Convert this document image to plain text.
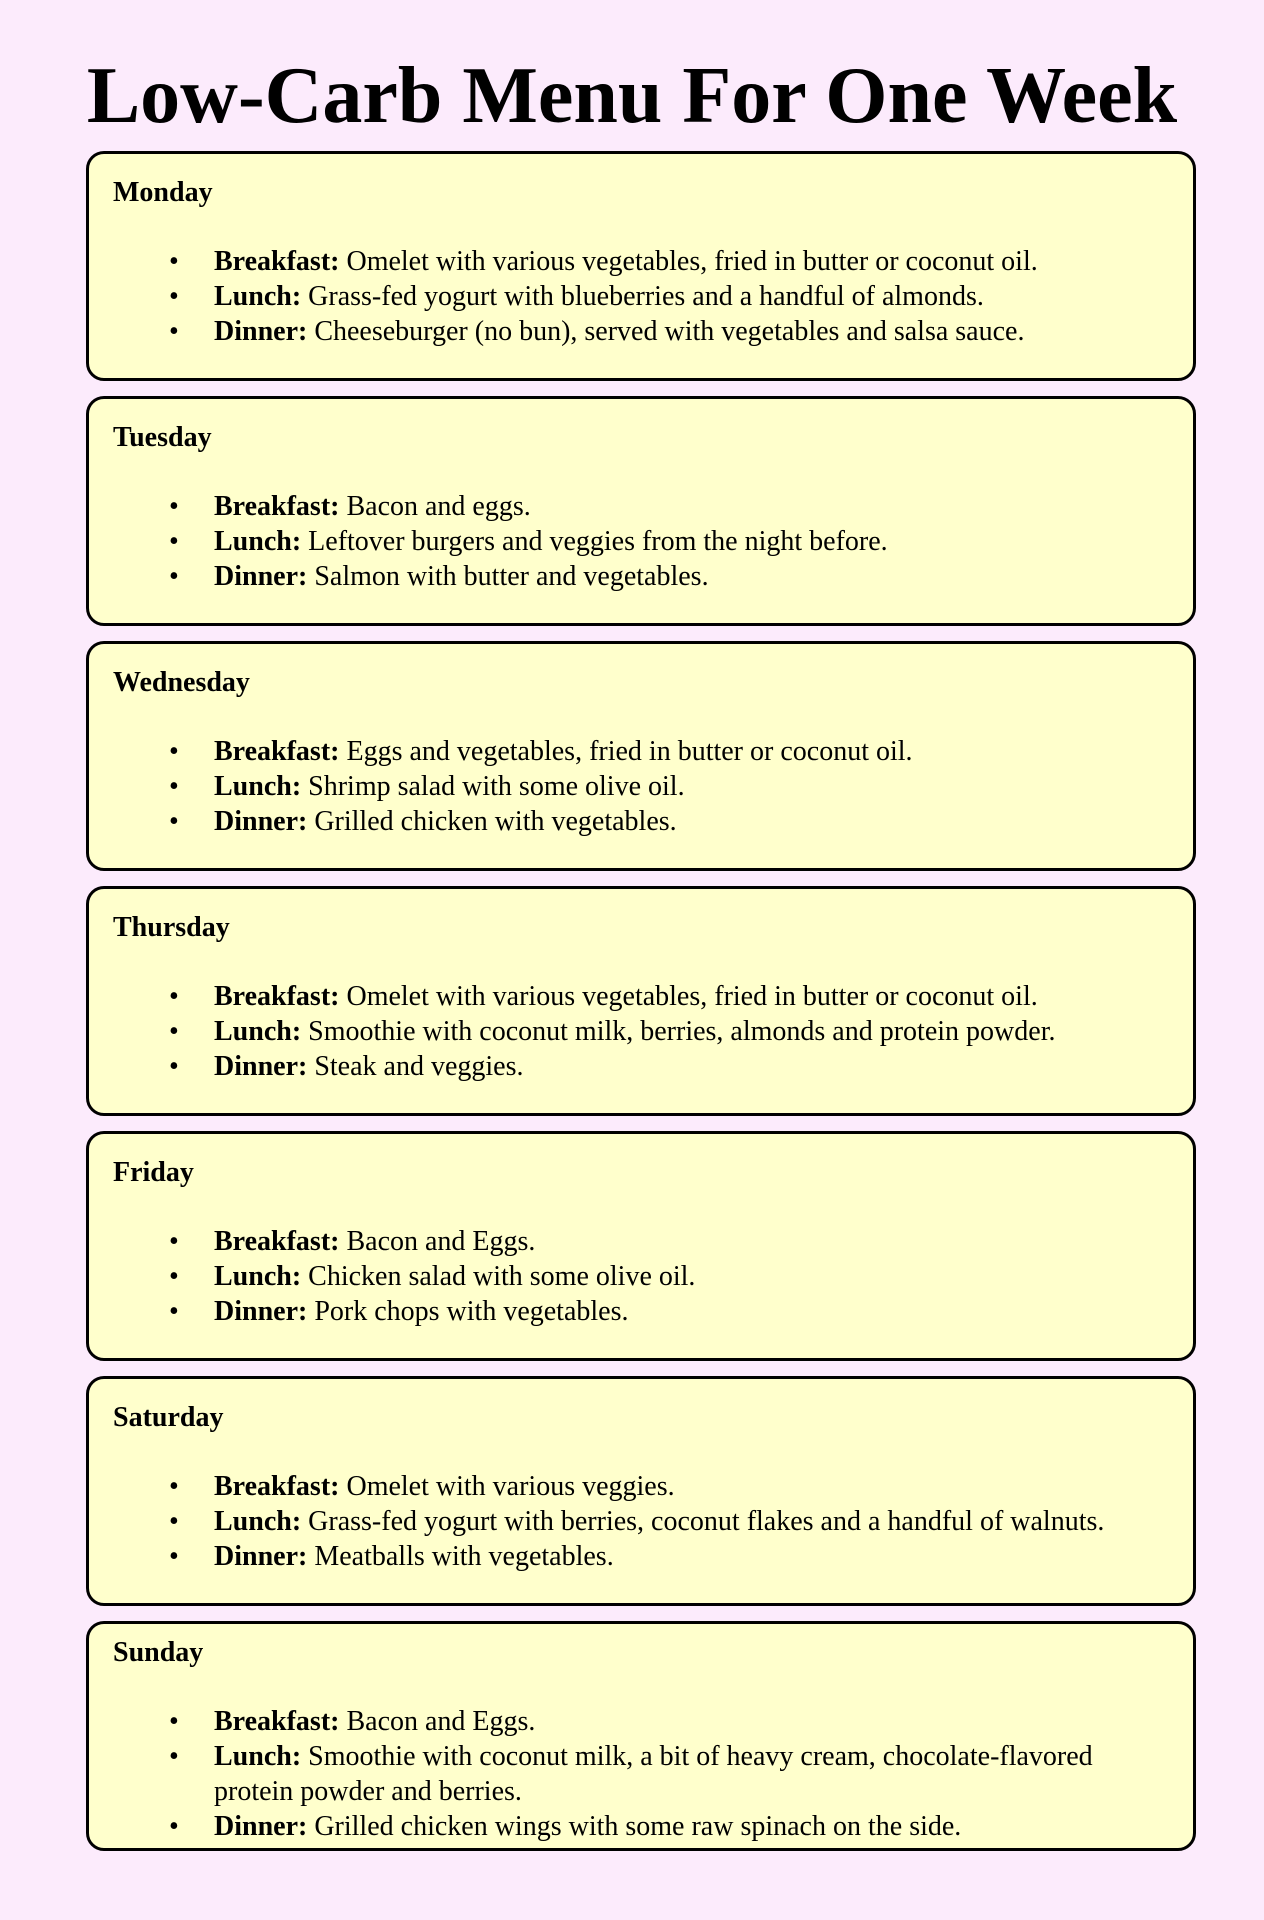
Low-Carb Menu For One Week
Monday
• Breakfast: Omelet with various vegetables, fried in butter or coconut oil.
• Lunch: Grass-fed yogurt with blueberries and a handful of almonds.
• Dinner: Cheeseburger (no bun), served with vegetables and salsa sauce.
Tuesday
• Breakfast: Bacon and eggs.
• Lunch: Leftover burgers and veggies from the night before.
• Dinner: Salmon with butter and vegetables.
Wednesday
• Breakfast: Eggs and vegetables, fried in butter or coconut oil.
• Lunch: Shrimp salad with some olive oil.
• Dinner: Grilled chicken with vegetables.
Thursday
• Breakfast: Omelet with various vegetables, fried in butter or coconut oil.
• Lunch: Smoothie with coconut milk, berries, almonds and protein powder.
• Dinner: Steak and veggies.
Friday
• Breakfast: Bacon and Eggs.
• Lunch: Chicken salad with some olive oil.
• Dinner: Pork chops with vegetables.
Saturday
• Breakfast: Omelet with various veggies.
• Lunch: Grass-fed yogurt with berries, coconut flakes and a handful of walnuts.
• Dinner: Meatballs with vegetables.
Sunday
• Breakfast: Bacon and Eggs.
• Lunch: Smoothie with coconut milk, a bit of heavy cream, chocolate-flavored protein powder and berries.
• Dinner: Grilled chicken wings with some raw spinach on the side.
